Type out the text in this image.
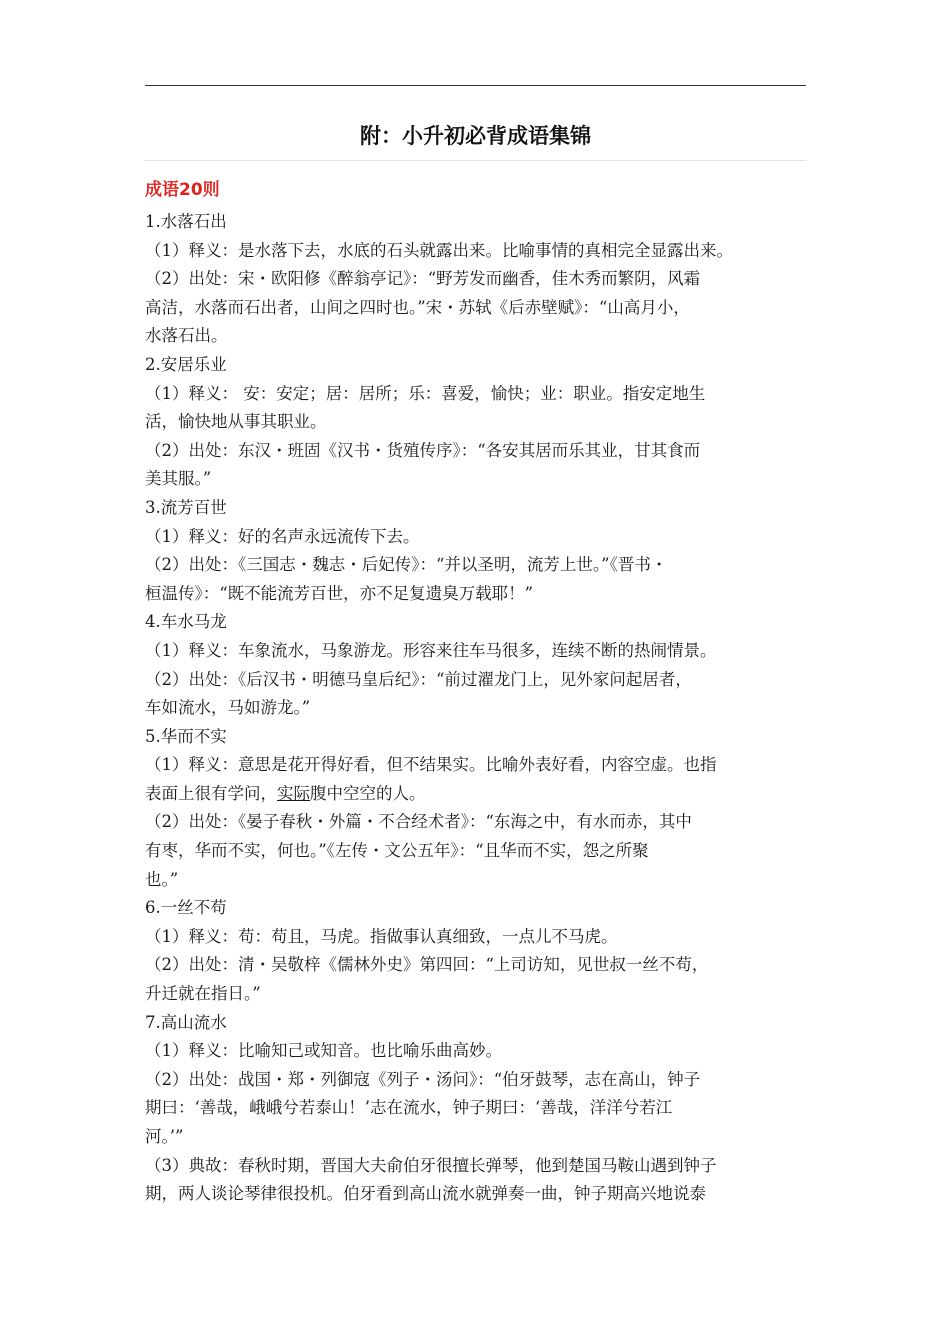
附：小升初必背成语集锦
成语20则
1.水落石出
（1）释义：是水落下去，水底的石头就露出来。比喻事情的真相完全显露出来。
（2）出处：宋・欧阳修《醉翁亭记》：“野芳发而幽香，佳木秀而繁阴，风霜
高洁，水落而石出者，山间之四时也。”宋・苏轼《后赤壁赋》：“山高月小，
水落石出。
2.安居乐业
（1）释义： 安：安定；居：居所；乐：喜爱，愉快；业：职业。指安定地生
活，愉快地从事其职业。
（2）出处：东汉・班固《汉书・货殖传序》：“各安其居而乐其业，甘其食而
美其服。”
3.流芳百世
（1）释义：好的名声永远流传下去。
（2）出处：《三国志・魏志・后妃传》：“并以圣明，流芳上世。”《晋书・
桓温传》：“既不能流芳百世，亦不足复遗臭万载耶！”
4.车水马龙
（1）释义：车象流水，马象游龙。形容来往车马很多，连续不断的热闹情景。
（2）出处：《后汉书・明德马皇后纪》：“前过濯龙门上，见外家问起居者，
车如流水，马如游龙。”
5.华而不实
（1）释义：意思是花开得好看，但不结果实。比喻外表好看，内容空虚。也指
表面上很有学问，实际腹中空空的人。
（2）出处：《晏子春秋・外篇・不合经术者》：“东海之中，有水而赤，其中
有枣，华而不实，何也。”《左传・文公五年》：“且华而不实，怨之所聚
也。”
6.一丝不苟
（1）释义：苟：苟且，马虎。指做事认真细致，一点儿不马虎。
（2）出处：清・吴敬梓《儒林外史》第四回：“上司访知，见世叔一丝不苟，
升迁就在指日。”
7.高山流水
（1）释义：比喻知己或知音。也比喻乐曲高妙。
（2）出处：战国・郑・列御寇《列子・汤问》：“伯牙鼓琴，志在高山，钟子
期曰：‘善哉，峨峨兮若泰山！’志在流水，钟子期曰：‘善哉，洋洋兮若江
河。’”
（3）典故：春秋时期，晋国大夫俞伯牙很擅长弹琴，他到楚国马鞍山遇到钟子
期，两人谈论琴律很投机。伯牙看到高山流水就弹奏一曲，钟子期高兴地说泰
